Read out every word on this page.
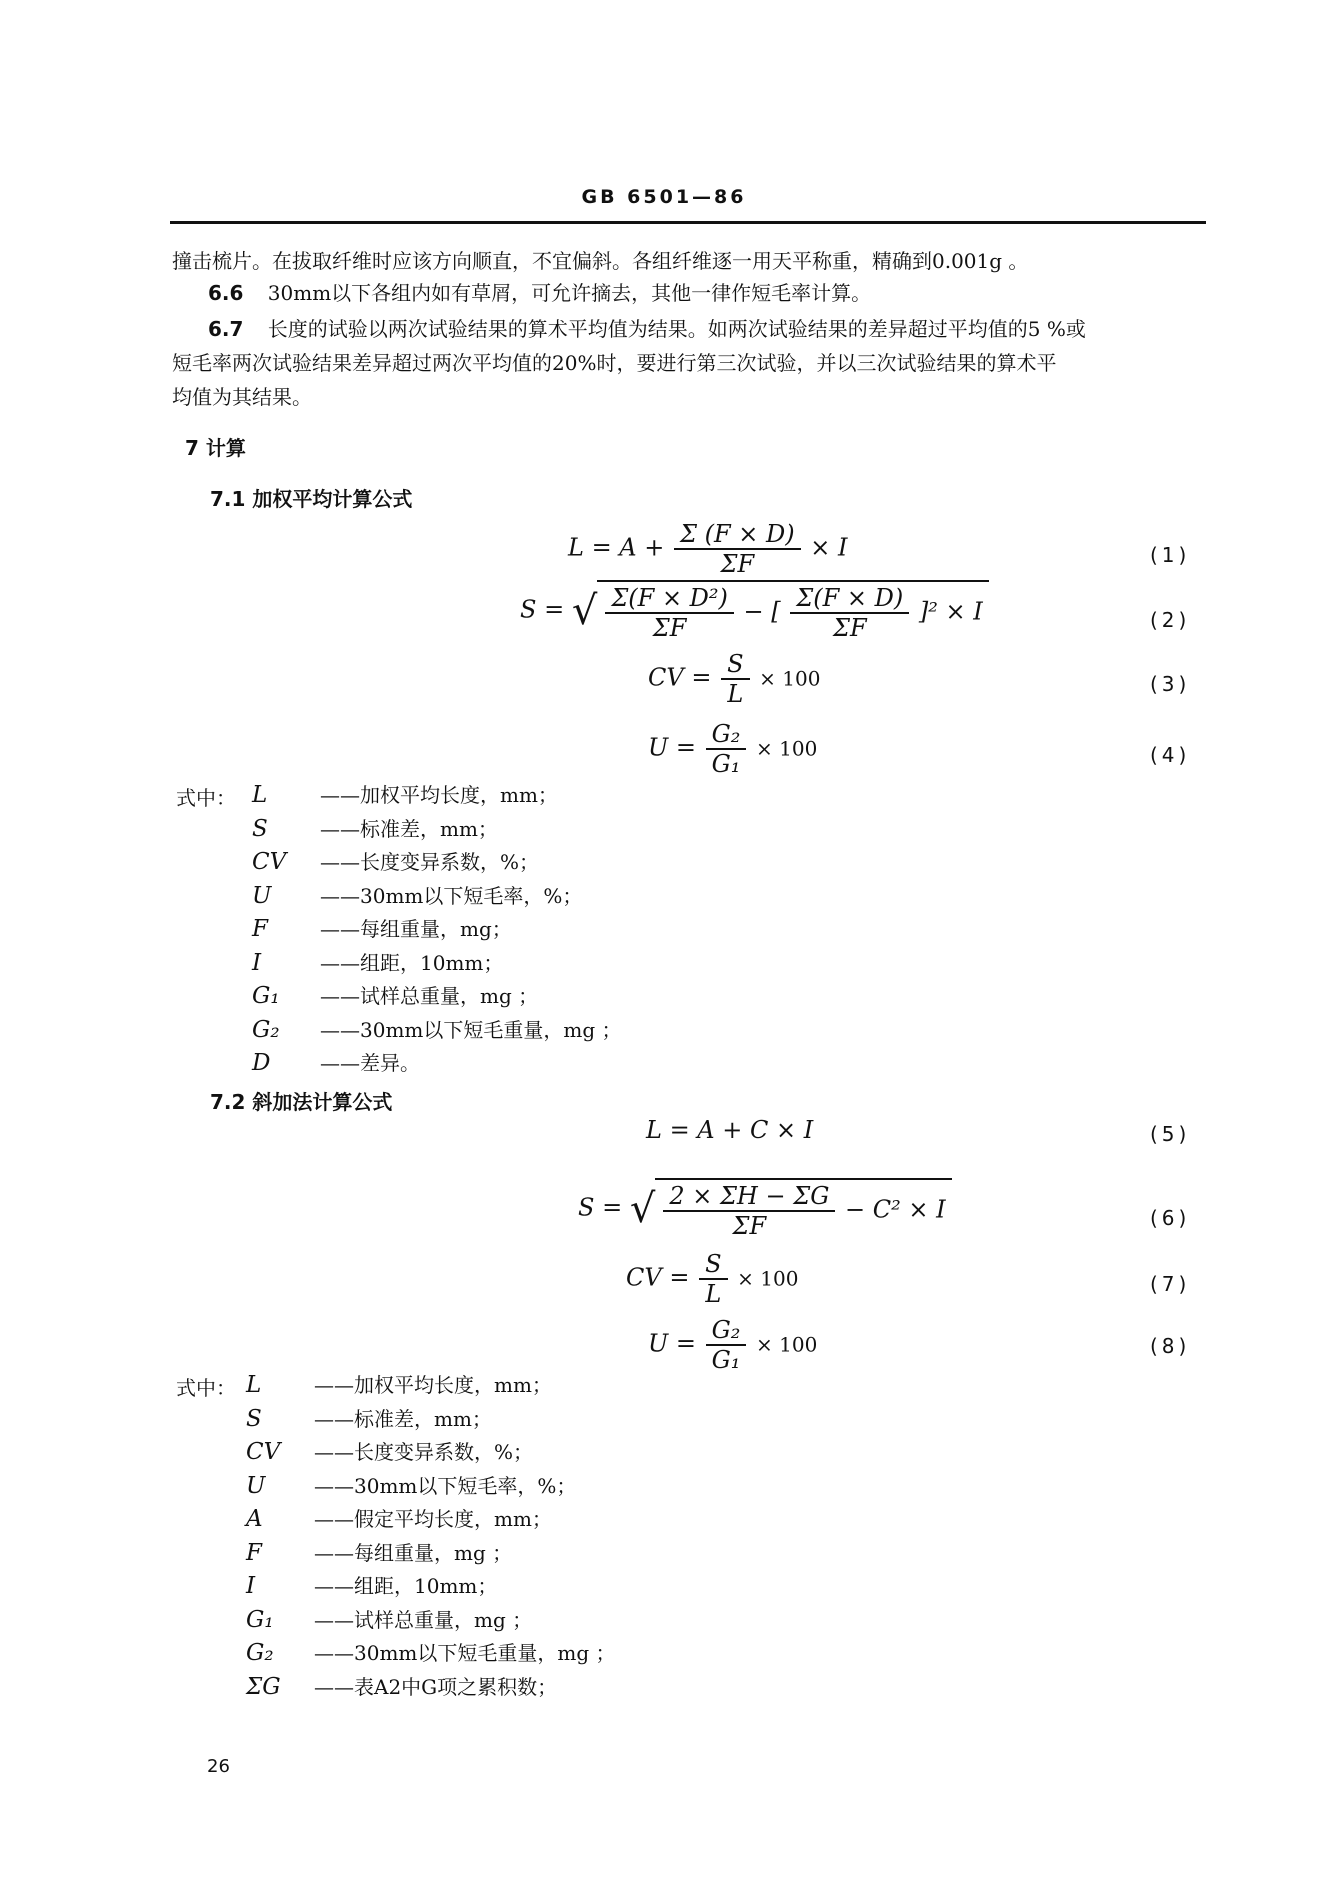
GB 6501—86
撞击梳片。在拔取纤维时应该方向顺直，不宜偏斜。各组纤维逐一用天平称重，精确到0.001g 。
6.6 30mm以下各组内如有草屑，可允许摘去，其他一律作短毛率计算。
6.7 长度的试验以两次试验结果的算术平均值为结果。如两次试验结果的差异超过平均值的5 %或
短毛率两次试验结果差异超过两次平均值的20%时，要进行第三次试验，并以三次试验结果的算术平
均值为其结果。
7 计算
7.1 加权平均计算公式
$L = A + \frac{\Sigma (F \times D)}{\Sigma F} \times I$	(1)
S = √ $\frac{\text{Σ(F × D²)}}{\Sigma F}$ − [ $\frac{\Sigma(F \times D)}{\Sigma F} ]^2 \times I$	(2)
CV = $\frac{S}{L} \times 100$	(3)
$U = \frac{\text{G₂}}{\text{G₁}} \times 100$	(4)
式中： L	——加权平均长度，mm；
S	——标准差，mm；
CV ——长度变异系数，%；
U ——30mm以下短毛率，%；
F	——每组重量，mg；
I	——组距，10mm；
G₁ ——试样总重量，mg ；
G₂ ——30mm以下短毛重量，mg ；
D ——差异。
7.2 斜加法计算公式
L = A + C × I	(5)
S = √ $\frac{2 \times \Sigma H - \Sigma G}{\Sigma F} - C^2 \times I$	(6)
CV = $\frac{S}{L} \times 100$	(7)
$U = \frac{\text{G₂}}{\text{G₁}} \times 100$	(8)
式中： L	——加权平均长度，mm；
S	——标准差，mm；
CV ——长度变异系数，%；
U ——30mm以下短毛率，%；
A	——假定平均长度，mm；
F	——每组重量，mg ；
I	——组距，10mm；
G₁ ——试样总重量，mg ；
G₂ ——30mm以下短毛重量，mg ；
ΣG ——表A2中G项之累积数；
26
